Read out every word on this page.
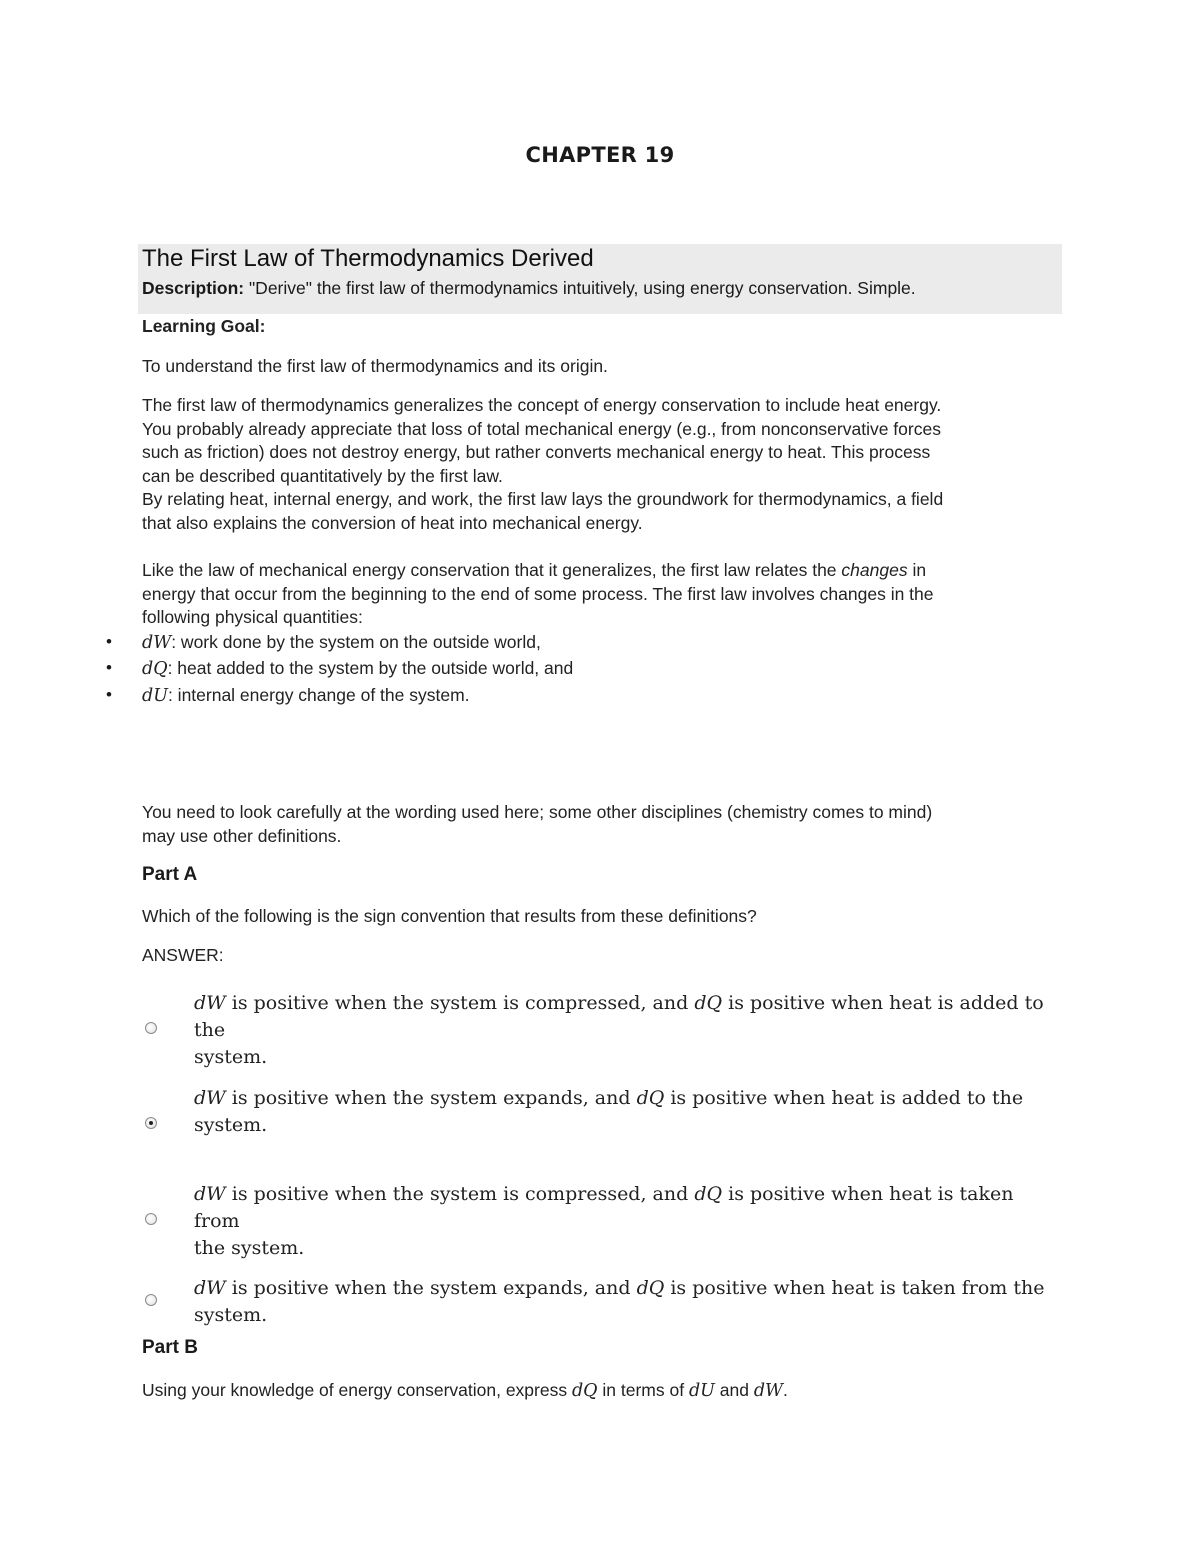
CHAPTER 19
The First Law of Thermodynamics Derived
Description: "Derive" the first law of thermodynamics intuitively, using energy conservation. Simple.
Learning Goal:
To understand the first law of thermodynamics and its origin.
The first law of thermodynamics generalizes the concept of energy conservation to include heat energy.
You probably already appreciate that loss of total mechanical energy (e.g., from nonconservative forces
such as friction) does not destroy energy, but rather converts mechanical energy to heat. This process
can be described quantitatively by the first law.
By relating heat, internal energy, and work, the first law lays the groundwork for thermodynamics, a field
that also explains the conversion of heat into mechanical energy.
Like the law of mechanical energy conservation that it generalizes, the first law relates the changes in
energy that occur from the beginning to the end of some process. The first law involves changes in the
following physical quantities:
• dW: work done by the system on the outside world,
• dQ: heat added to the system by the outside world, and
• dU: internal energy change of the system.
You need to look carefully at the wording used here; some other disciplines (chemistry comes to mind)
may use other definitions.
Part A
Which of the following is the sign convention that results from these definitions?
ANSWER:
dW is positive when the system is compressed, and dQ is positive when heat is added to the
system.
dW is positive when the system expands, and dQ is positive when heat is added to the
system.
dW is positive when the system is compressed, and dQ is positive when heat is taken from
the system.
dW is positive when the system expands, and dQ is positive when heat is taken from the
system.
Part B
Using your knowledge of energy conservation, express dQ in terms of dU and dW.
